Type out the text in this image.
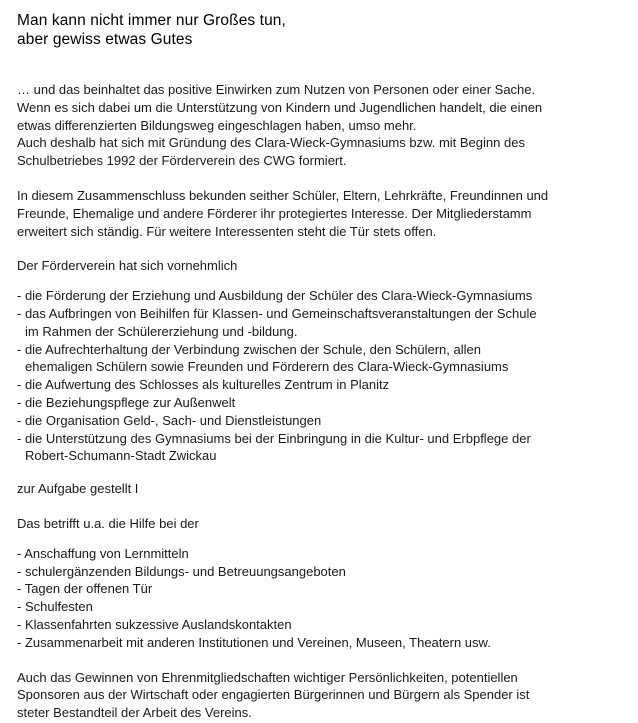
Man kann nicht immer nur Großes tun,
aber gewiss etwas Gutes
… und das beinhaltet das positive Einwirken zum Nutzen von Personen oder einer Sache.
Wenn es sich dabei um die Unterstützung von Kindern und Jugendlichen handelt, die einen
etwas differenzierten Bildungsweg eingeschlagen haben, umso mehr.
Auch deshalb hat sich mit Gründung des Clara-Wieck-Gymnasiums bzw. mit Beginn des
Schulbetriebes 1992 der Förderverein des CWG formiert.
In diesem Zusammenschluss bekunden seither Schüler, Eltern, Lehrkräfte, Freundinnen und
Freunde, Ehemalige und andere Förderer ihr protegiertes Interesse. Der Mitgliederstamm
erweitert sich ständig. Für weitere Interessenten steht die Tür stets offen.
Der Förderverein hat sich vornehmlich
- die Förderung der Erziehung und Ausbildung der Schüler des Clara-Wieck-Gymnasiums
- das Aufbringen von Beihilfen für Klassen- und Gemeinschaftsveranstaltungen der Schule
im Rahmen der Schülererziehung und -bildung.
- die Aufrechterhaltung der Verbindung zwischen der Schule, den Schülern, allen
ehemaligen Schülern sowie Freunden und Förderern des Clara-Wieck-Gymnasiums
- die Aufwertung des Schlosses als kulturelles Zentrum in Planitz
- die Beziehungspflege zur Außenwelt
- die Organisation Geld-, Sach- und Dienstleistungen
- die Unterstützung des Gymnasiums bei der Einbringung in die Kultur- und Erbpflege der
Robert-Schumann-Stadt Zwickau
zur Aufgabe gestellt I
Das betrifft u.a. die Hilfe bei der
- Anschaffung von Lernmitteln
- schulergänzenden Bildungs- und Betreuungsangeboten
- Tagen der offenen Tür
- Schulfesten
- Klassenfahrten sukzessive Auslandskontakten
- Zusammenarbeit mit anderen Institutionen und Vereinen, Museen, Theatern usw.
Auch das Gewinnen von Ehrenmitgliedschaften wichtiger Persönlichkeiten, potentiellen
Sponsoren aus der Wirtschaft oder engagierten Bürgerinnen und Bürgern als Spender ist
steter Bestandteil der Arbeit des Vereins.
